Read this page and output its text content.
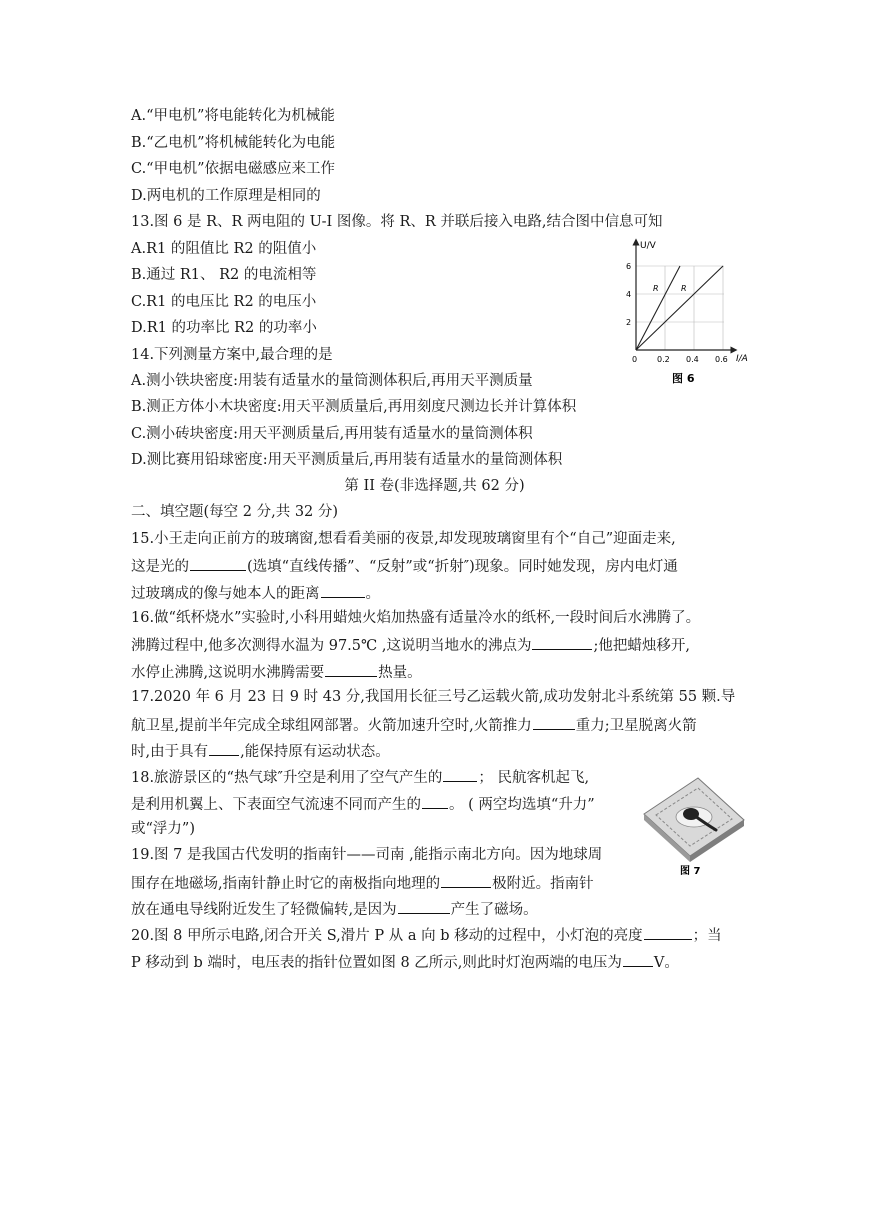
A.“甲电机”将电能转化为机械能
B.“乙电机”将机械能转化为电能
C.“甲电机”依据电磁感应来工作
D.两电机的工作原理是相同的
13.图 6 是 R、R 两电阻的 U-I 图像。将 R、R 并联后接入电路,结合图中信息可知
A.R1 的阻值比 R2 的阻值小
B.通过 R1、 R2 的电流相等
C.R1 的电压比 R2 的电压小
D.R1 的功率比 R2 的功率小
U/V
I/A
0
2
4
6
0.2 0.4 0.6
R	R
图 6
14.下列测量方案中,最合理的是
A.测小铁块密度:用装有适量水的量筒测体积后,再用天平测质量
B.测正方体小木块密度:用天平测质量后,再用刻度尺测边长并计算体积
C.测小砖块密度:用天平测质量后,再用装有适量水的量筒测体积
D.测比赛用铅球密度:用天平测质量后,再用装有适量水的量筒测体积
第 II 卷(非选择题,共 62 分)
二、填空题(每空 2 分,共 32 分)
15.小王走向正前方的玻璃窗,想看看美丽的夜景,却发现玻璃窗里有个“自己”迎面走来,
这是光的	(选填“直线传播”、“反射”或“折射″)现象。同时她发现，房内电灯通
过玻璃成的像与她本人的距离	。
16.做“纸杯烧水”实验时,小科用蜡烛火焰加热盛有适量冷水的纸杯,一段时间后水沸腾了。
沸腾过程中,他多次测得水温为 97.5℃ ,这说明当地水的沸点为	;他把蜡烛移开,
水停止沸腾,这说明水沸腾需要	热量。
17.2020 年 6 月 23 日 9 时 43 分,我国用长征三号乙运载火箭,成功发射北斗系统第 55 颗.导
航卫星,提前半年完成全球组网部署。火箭加速升空时,火箭推力	重力;卫星脱离火箭
时,由于具有 ,能保持原有运动状态。
18.旅游景区的“热气球″升空是利用了空气产生的 ； 民航客机起飞,
是利用机翼上、下表面空气流速不同而产生的 。 ( 两空均选填“升力”
或“浮力”)
图 7
19.图 7 是我国古代发明的指南针——司南 ,能指示南北方向。因为地球周
围存在地磁场,指南针静止时它的南极指向地理的	极附近。指南针
放在通电导线附近发生了轻微偏转,是因为	产生了磁场。
20.图 8 甲所示电路,闭合开关 S,滑片 P 从 a 向 b 移动的过程中，小灯泡的亮度	；当
P 移动到 b 端时，电压表的指针位置如图 8 乙所示,则此时灯泡两端的电压为 V。
